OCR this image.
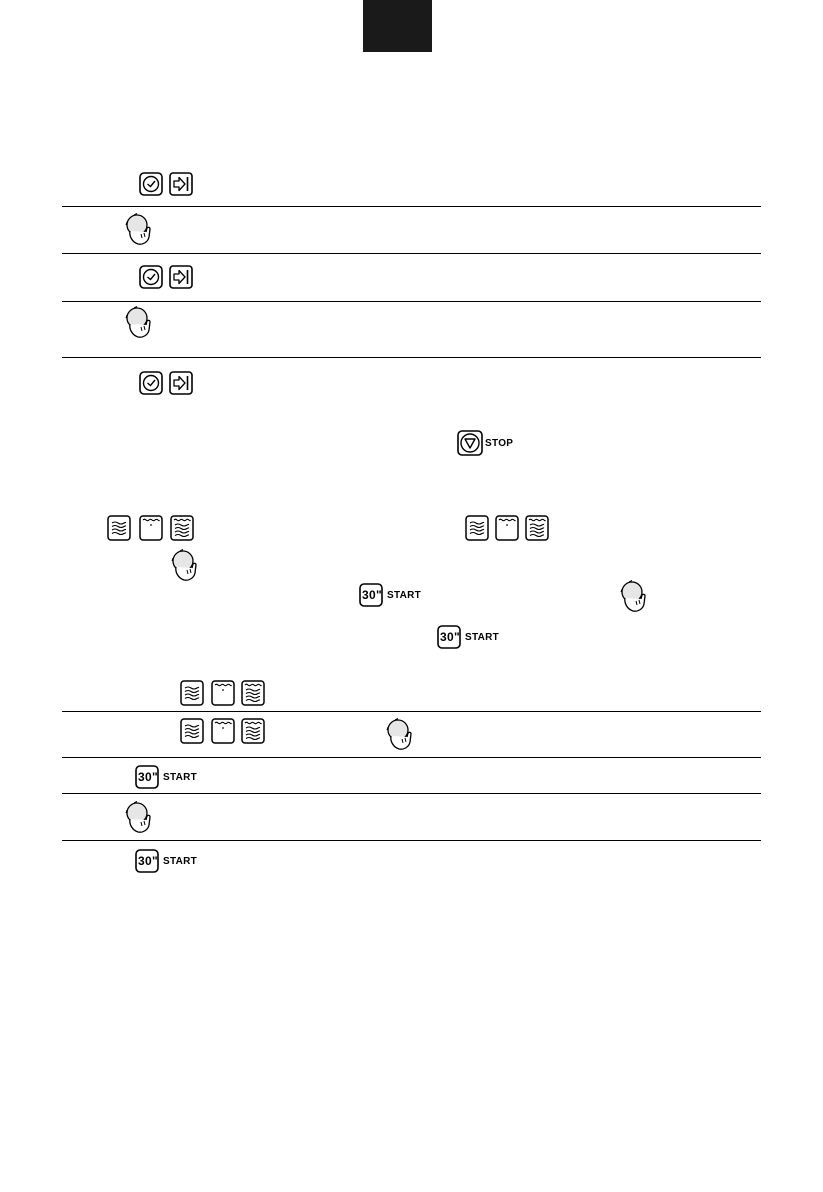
STOP
30" START
30" START
30" START
30" START
